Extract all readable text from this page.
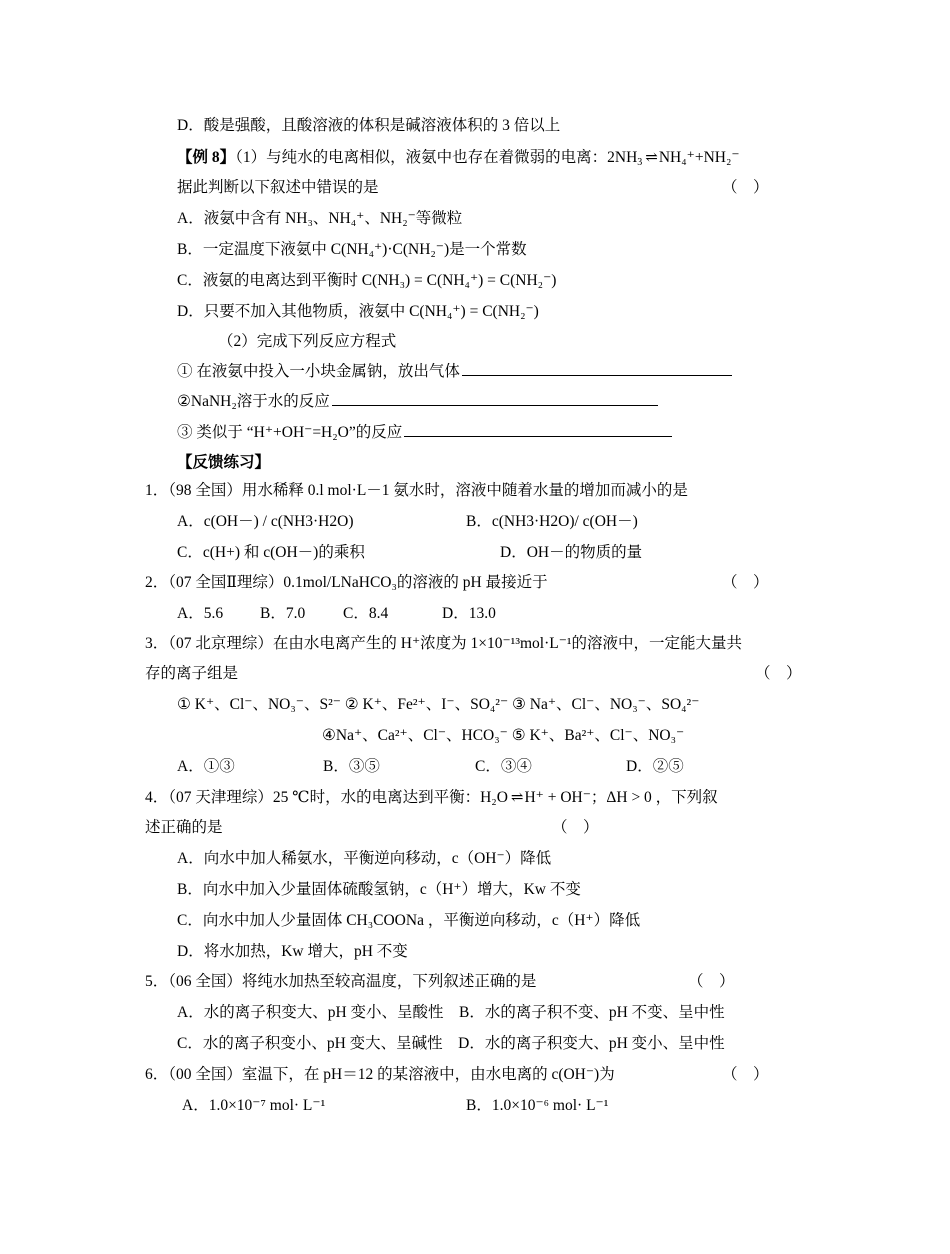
D．酸是强酸，且酸溶液的体积是碱溶液体积的 3 倍以上
【例 8】（1）与纯水的电离相似，液氨中也存在着微弱的电离：2NH3 ⇌ NH₄⁺+NH₂⁻
据此判断以下叙述中错误的是	（　）
A．液氨中含有 NH₃、NH₄⁺、NH₂⁻等微粒
B．一定温度下液氨中 C(NH₄⁺)·C(NH₂⁻)是一个常数
C．液氨的电离达到平衡时 C(NH₃) = C(NH₄⁺) = C(NH₂⁻)
D．只要不加入其他物质，液氨中 C(NH₄⁺) = C(NH₂⁻)
（2）完成下列反应方程式
① 在液氨中投入一小块金属钠，放出气体
②NaNH₂溶于水的反应
③ 类似于 “H⁺+OH⁻=H₂O”的反应
【反馈练习】
1．（98 全国）用水稀释 0.l mol·L－1 氨水时，溶液中随着水量的增加而减小的是
A．c(OH－) / c(NH3·H2O)	B．c(NH3·H2O)/ c(OH－)
C．c(H+) 和 c(OH－)的乘积	D．OH－的物质的量
2．（07 全国Ⅱ理综）0.1mol/LNaHCO₃的溶液的 pH 最接近于	（　）
A．5.6 B．7.0 C．8.4	D．13.0
3．（07 北京理综）在由水电离产生的 H⁺浓度为 1×10⁻¹³mol·L⁻¹的溶液中，一定能大量共
存的离子组是	（　）
① K⁺、Cl⁻、NO₃⁻、S²⁻ ② K⁺、Fe²⁺、I⁻、SO₄²⁻ ③ Na⁺、Cl⁻、NO₃⁻、SO₄²⁻
④Na⁺、Ca²⁺、Cl⁻、HCO₃⁻ ⑤ K⁺、Ba²⁺、Cl⁻、NO₃⁻
A．①③	B．③⑤	C．③④	D．②⑤
4．（07 天津理综）25 ℃时，水的电离达到平衡：H₂O ⇌ H⁺ + OH⁻；ΔH > 0 ，下列叙
述正确的是	（　）
A．向水中加人稀氨水，平衡逆向移动，c（OH⁻）降低
B．向水中加入少量固体硫酸氢钠，c（H⁺）增大，Kw 不变
C．向水中加人少量固体 CH₃COONa ，平衡逆向移动，c（H⁺）降低
D．将水加热，Kw 增大，pH 不变
5．（06 全国）将纯水加热至较高温度，下列叙述正确的是	（　）
A．水的离子积变大、pH 变小、呈酸性　B．水的离子积不变、pH 不变、呈中性
C．水的离子积变小、pH 变大、呈碱性　D．水的离子积变大、pH 变小、呈中性
6．（00 全国）室温下，在 pH＝12 的某溶液中，由水电离的 c(OH⁻)为	（　）
A．1.0×10⁻⁷ mol· L⁻¹	B．1.0×10⁻⁶ mol· L⁻¹
